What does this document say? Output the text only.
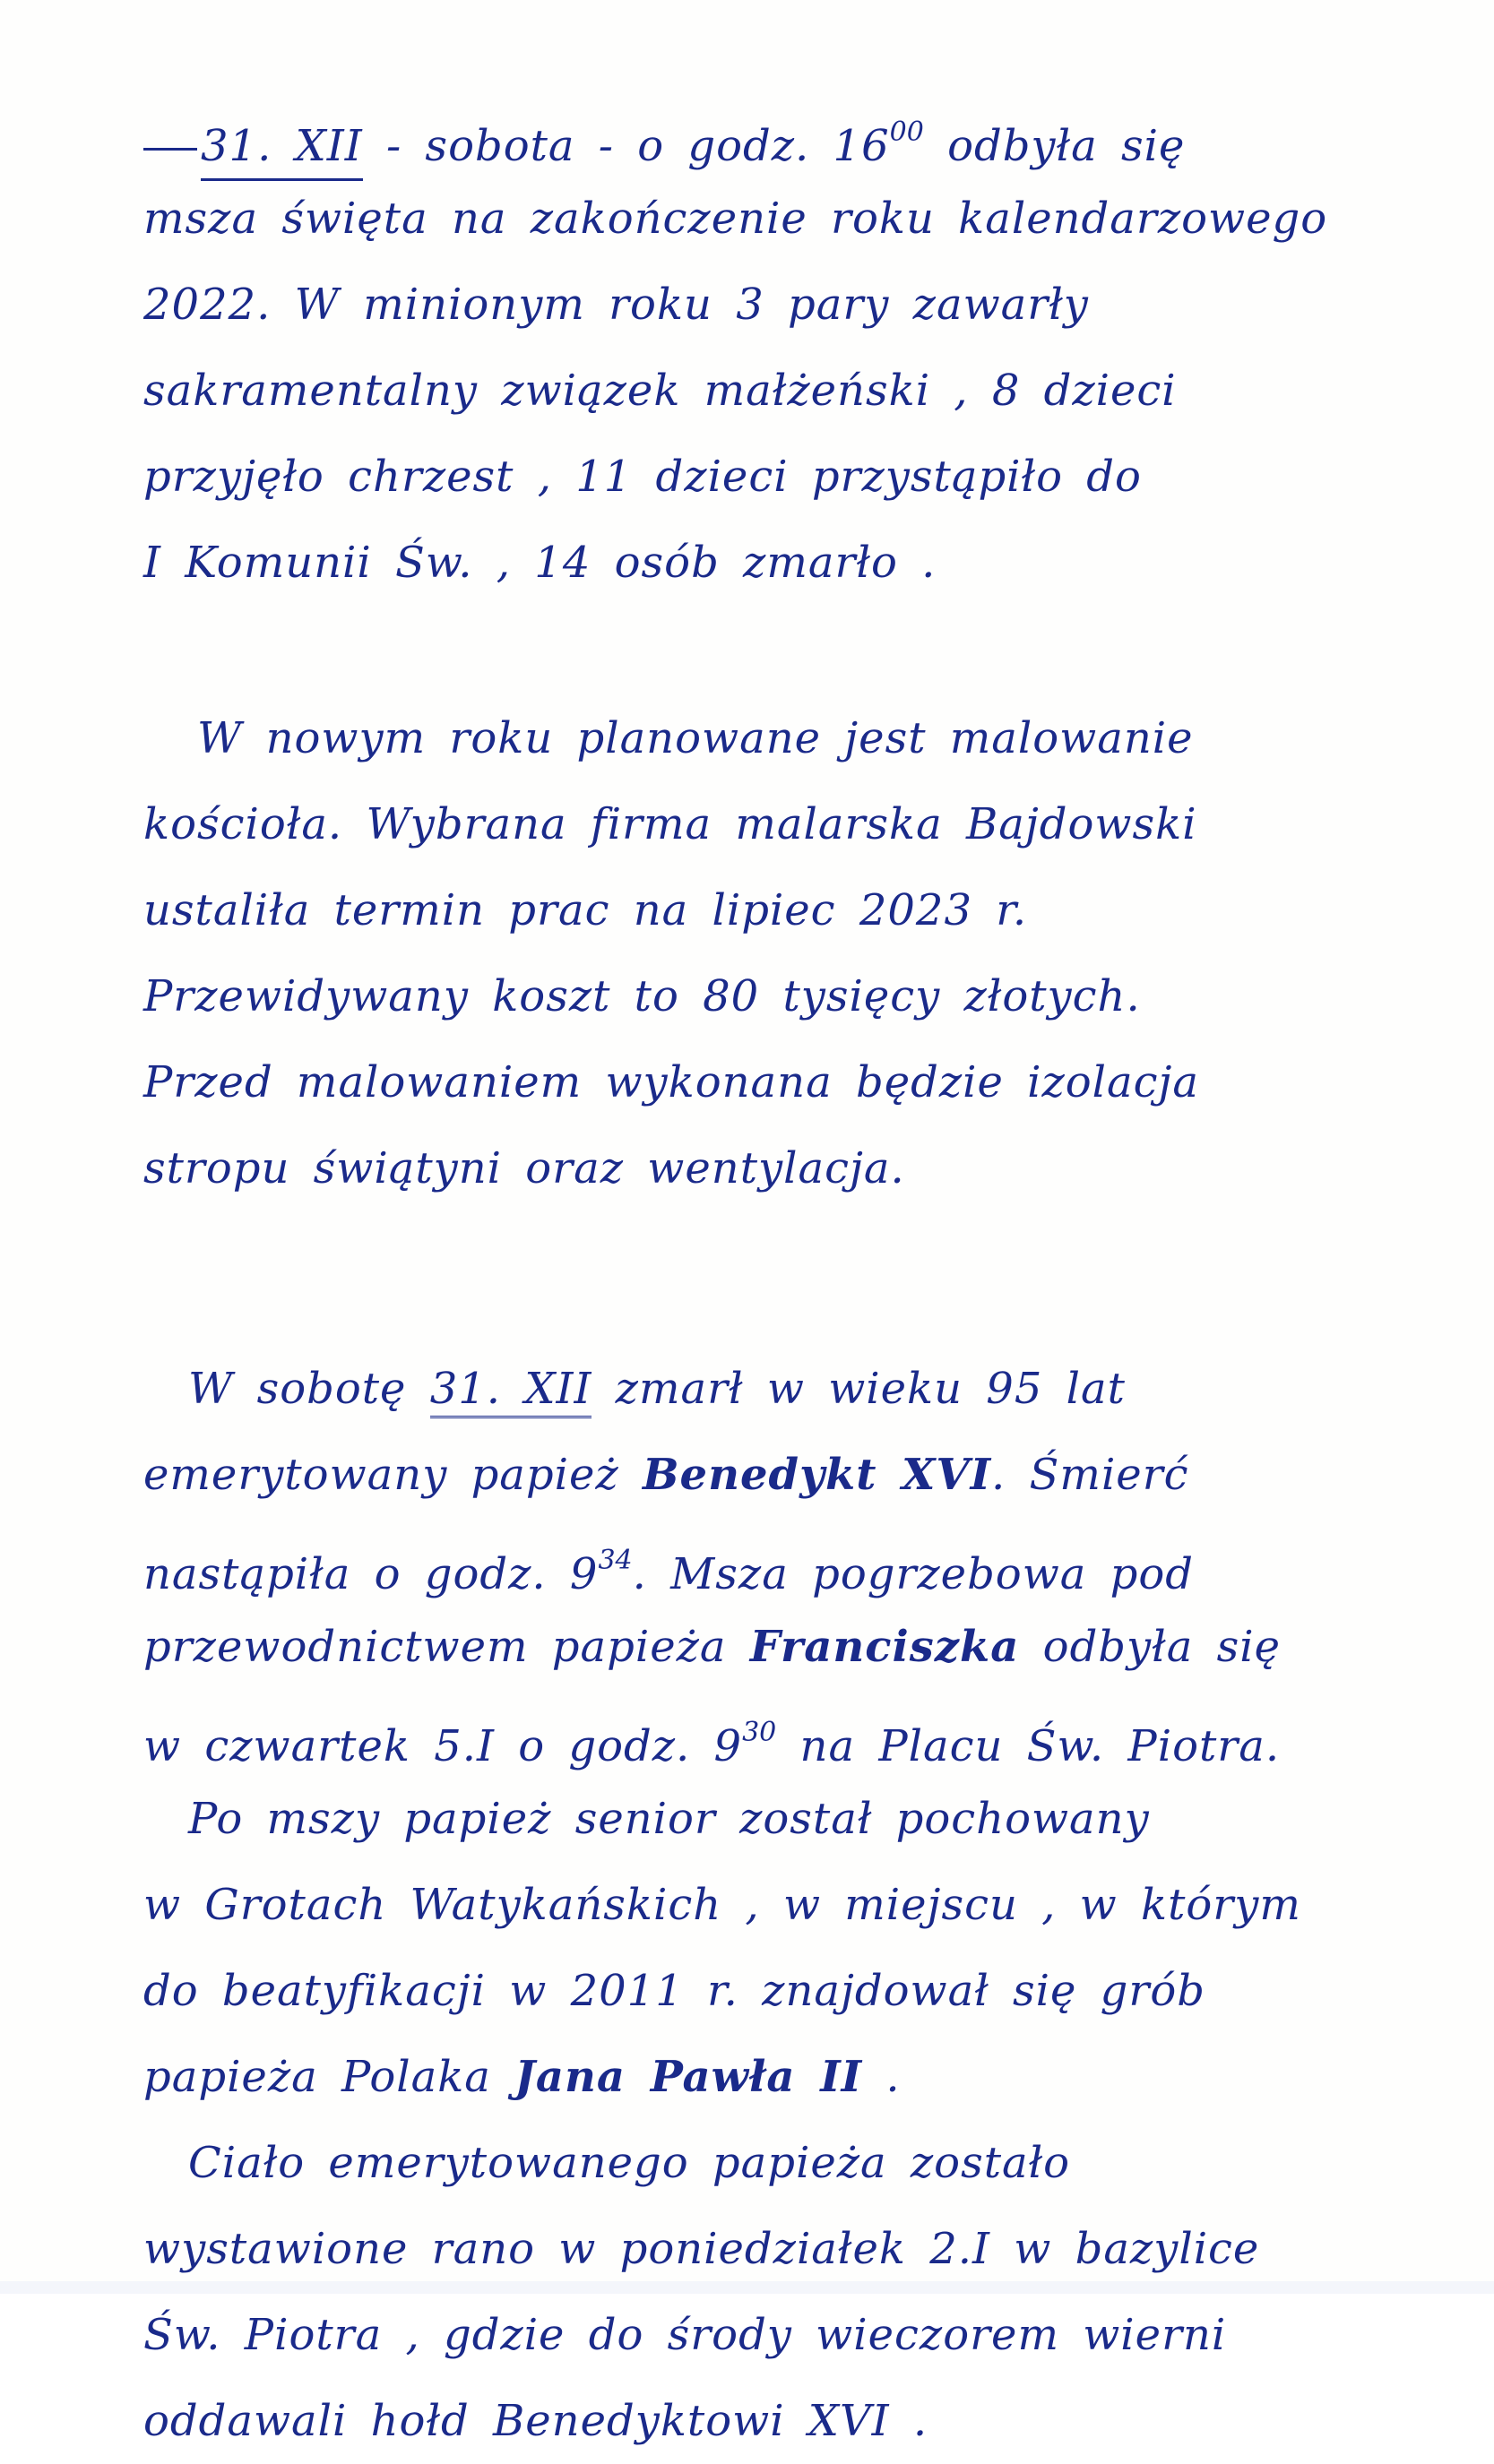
31. XII - sobota - o godz. $16^{00}$ odbyła się
msza święta na zakończenie roku kalendarzowego
2022. W minionym roku 3 pary zawarły
sakramentalny związek małżeński , 8 dzieci
przyjęło chrzest , 11 dzieci przystąpiło do
I Komunii Św. , 14 osób zmarło .
W nowym roku planowane jest malowanie
kościoła. Wybrana firma malarska Bajdowski
ustaliła termin prac na lipiec 2023 r.
Przewidywany koszt to 80 tysięcy złotych.
Przed malowaniem wykonana będzie izolacja
stropu świątyni oraz wentylacja.
W sobotę 31. XII zmarł w wieku 95 lat
emerytowany papież Benedykt XVI. Śmierć
nastąpiła o godz. $9^{34}$. Msza pogrzebowa pod
przewodnictwem papieża Franciszka odbyła się
w czwartek 5.I o godz. $9^{30}$ na Placu Św. Piotra.
Po mszy papież senior został pochowany
w Grotach Watykańskich , w miejscu , w którym
do beatyfikacji w 2011 r. znajdował się grób
papieża Polaka Jana Pawła II .
Ciało emerytowanego papieża zostało
wystawione rano w poniedziałek 2.I w bazylice
Św. Piotra , gdzie do środy wieczorem wierni
oddawali hołd Benedyktowi XVI .
